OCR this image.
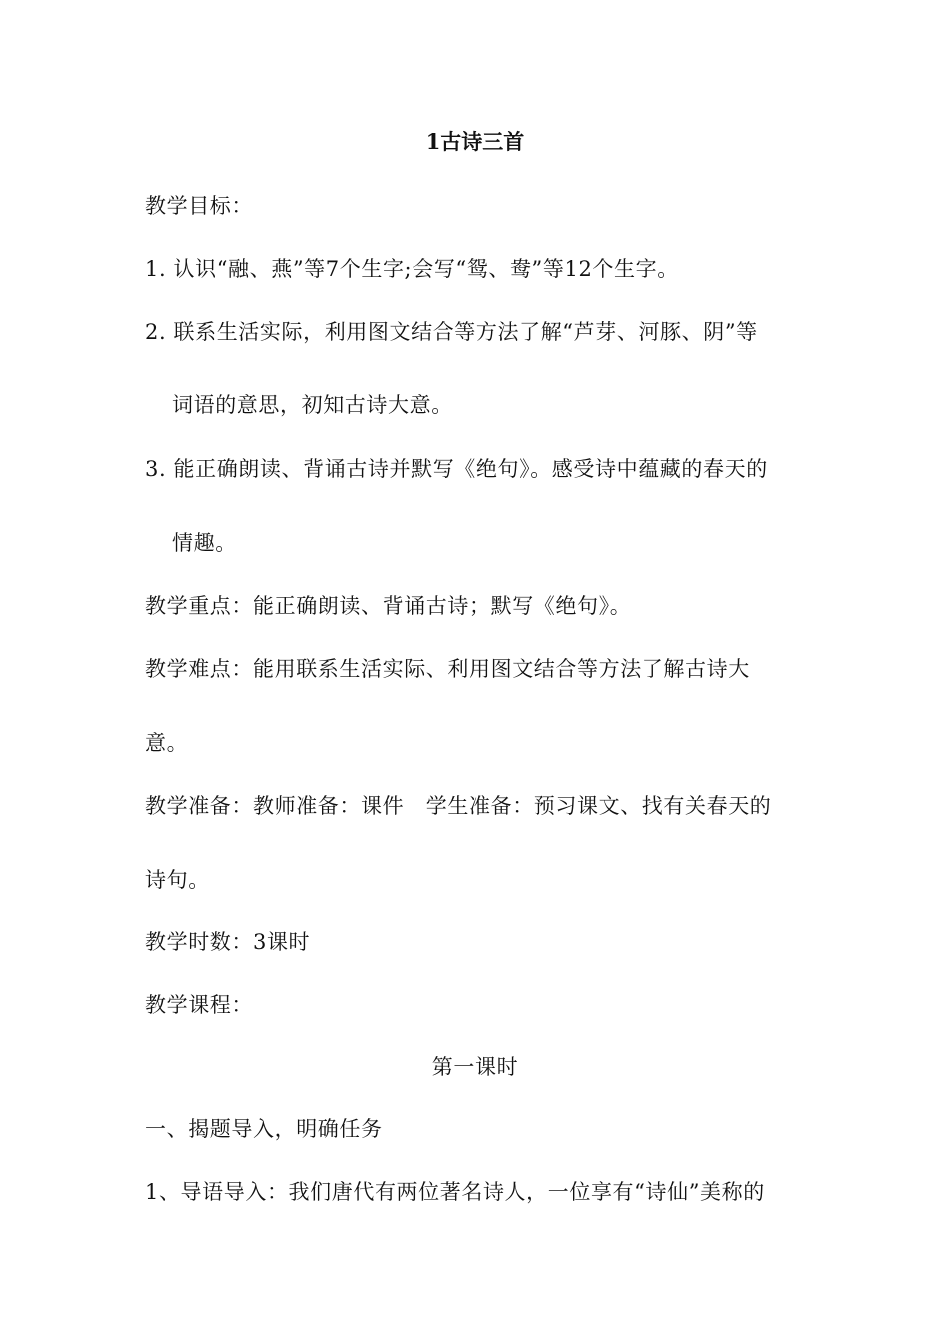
1古诗三首
教学目标：
1. 认识“融、燕”等7个生字;会写“鸳、鸯”等12个生字。
2. 联系生活实际，利用图文结合等方法了解“芦芽、河豚、阴”等
词语的意思，初知古诗大意。
3. 能正确朗读、背诵古诗并默写《绝句》。感受诗中蕴藏的春天的
情趣。
教学重点：能正确朗读、背诵古诗；默写《绝句》。
教学难点：能用联系生活实际、利用图文结合等方法了解古诗大
意。
教学准备：教师准备：课件　学生准备：预习课文、找有关春天的
诗句。
教学时数：3课时
教学课程：
第一课时
一、揭题导入，明确任务
1、导语导入：我们唐代有两位著名诗人，一位享有“诗仙”美称的
